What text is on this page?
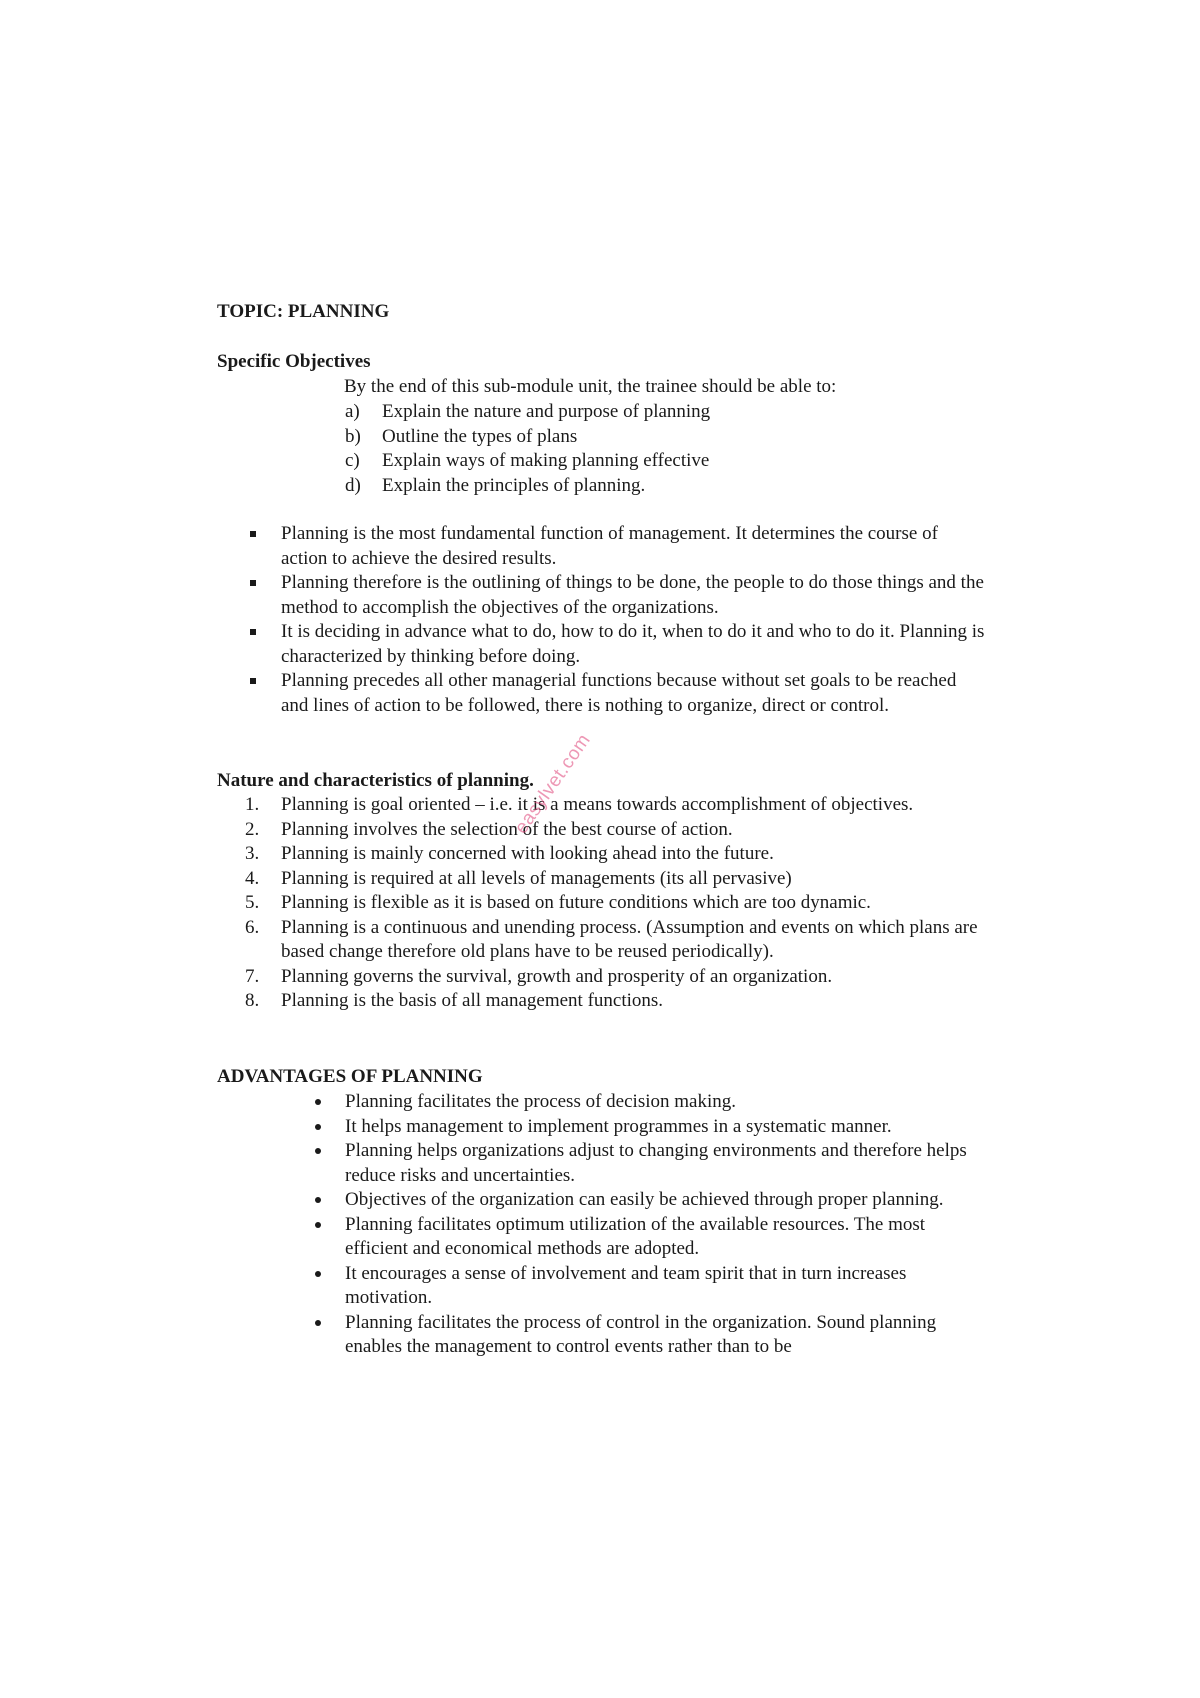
TOPIC: PLANNING
Specific Objectives
By the end of this sub-module unit, the trainee should be able to:
a) Explain the nature and purpose of planning
b) Outline the types of plans
c) Explain ways of making planning effective
d) Explain the principles of planning.
Planning is the most fundamental function of management. It determines the course of action to achieve the desired results.
Planning therefore is the outlining of things to be done, the people to do those things and the method to accomplish the objectives of the organizations.
It is deciding in advance what to do, how to do it, when to do it and who to do it. Planning is characterized by thinking before doing.
Planning precedes all other managerial functions because without set goals to be reached and lines of action to be followed, there is nothing to organize, direct or control.
Nature and characteristics of planning.
1.	Planning is goal oriented – i.e. it is a means towards accomplishment of objectives.
2.	Planning involves the selection of the best course of action.
3.	Planning is mainly concerned with looking ahead into the future.
4.	Planning is required at all levels of managements (its all pervasive)
5.	Planning is flexible as it is based on future conditions which are too dynamic.
6.	Planning is a continuous and unending process. (Assumption and events on which plans are based change therefore old plans have to be reused periodically).
7.	Planning governs the survival, growth and prosperity of an organization.
8.	Planning is the basis of all management functions.
ADVANTAGES OF PLANNING
Planning facilitates the process of decision making.
It helps management to implement programmes in a systematic manner.
Planning helps organizations adjust to changing environments and therefore helps reduce risks and uncertainties.
Objectives of the organization can easily be achieved through proper planning.
Planning facilitates optimum utilization of the available resources. The most efficient and economical methods are adopted.
It encourages a sense of involvement and team spirit that in turn increases motivation.
Planning facilitates the process of control in the organization. Sound planning enables the management to control events rather than to be
easylvet.com
